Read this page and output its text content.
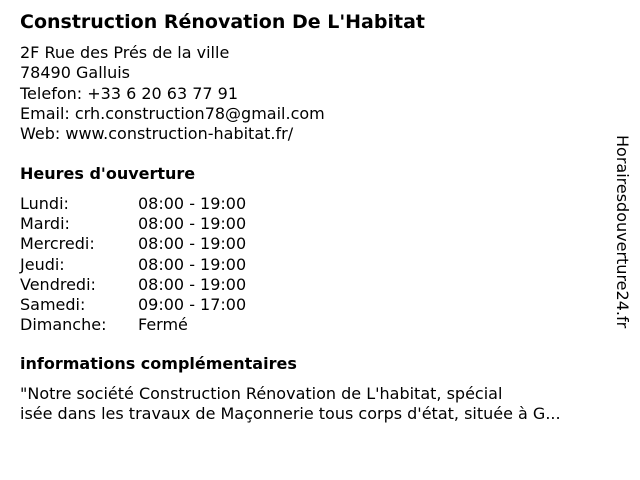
Construction Rénovation De L'Habitat
2F Rue des Prés de la ville
78490 Galluis
Telefon: +33 6 20 63 77 91
Email: crh.construction78@gmail.com
Web: www.construction-habitat.fr/
Heures d'ouverture
Lundi:	08:00 - 19:00
Mardi:	08:00 - 19:00
Mercredi:	08:00 - 19:00
Jeudi:	08:00 - 19:00
Vendredi:	08:00 - 19:00
Samedi:	09:00 - 17:00
Dimanche: Fermé
informations complémentaires
"Notre société Construction Rénovation de L'habitat, spécial
isée dans les travaux de Maçonnerie tous corps d'état, située à G...
Horairesdouverture24.fr
